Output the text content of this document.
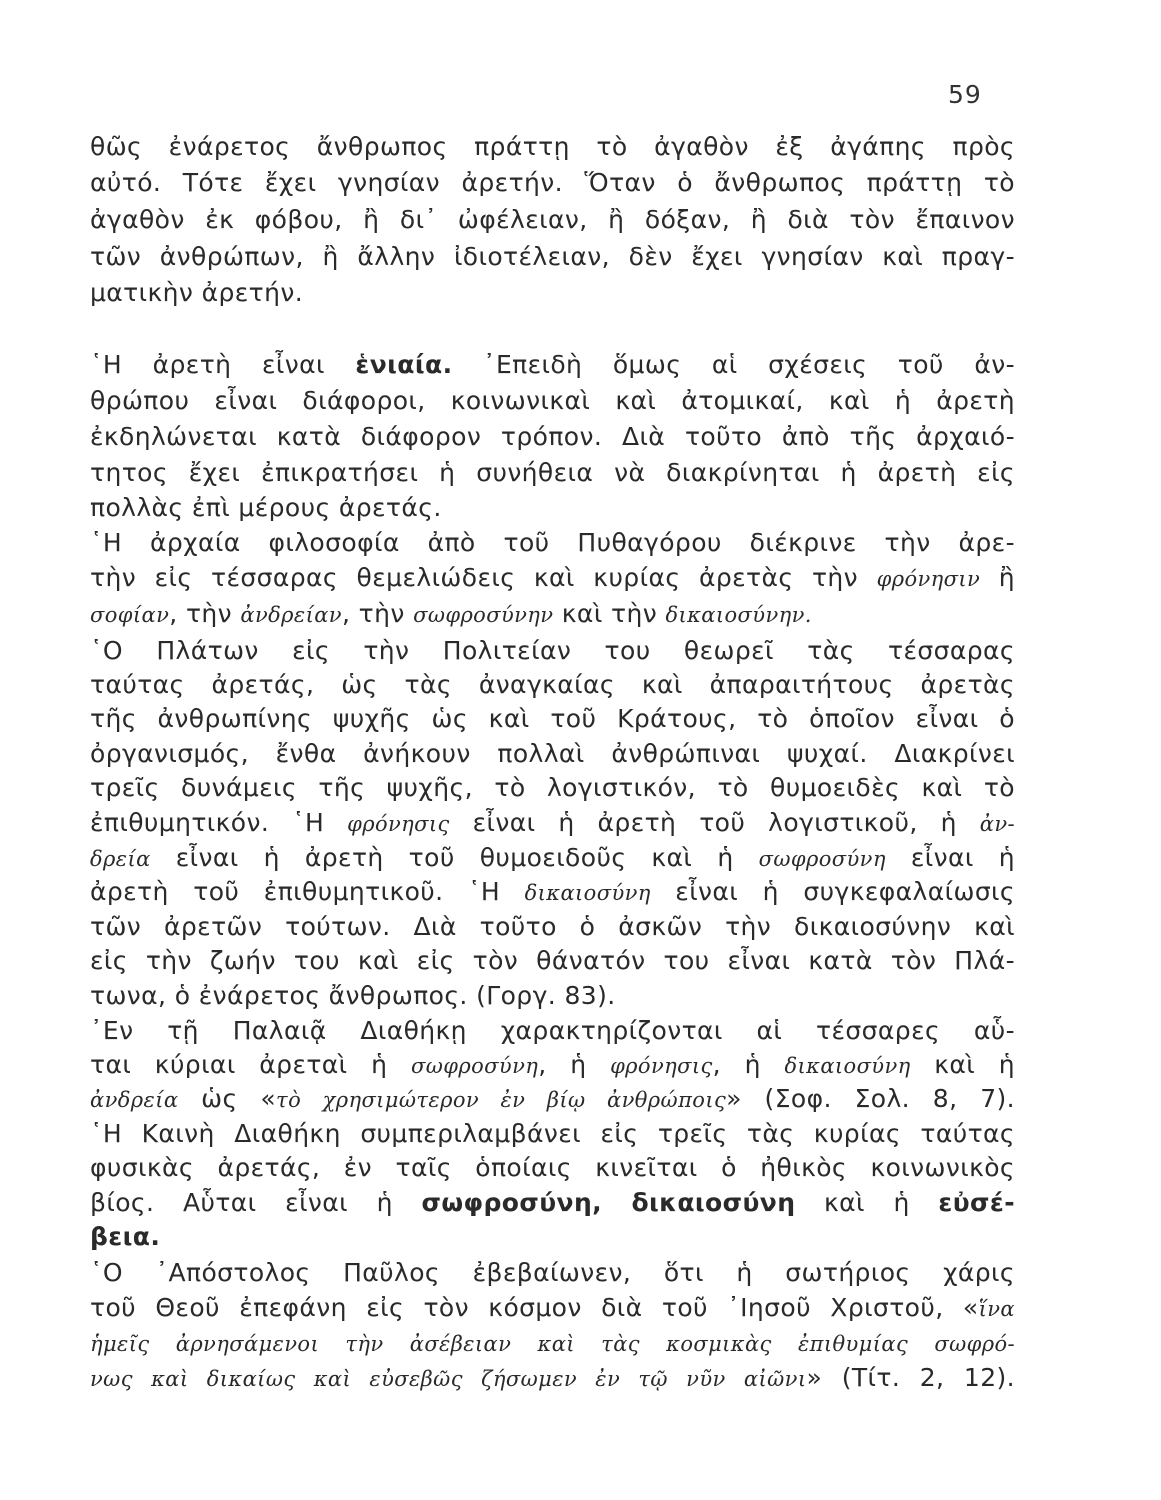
59
θῶς ἐνάρετος ἄνθρωπος πράττῃ τὸ ἀγαθὸν ἐξ ἀγάπης πρὸς
αὐτό. Τότε ἔχει γνησίαν ἀρετήν. Ὅταν ὁ ἄνθρωπος πράττῃ τὸ
ἀγαθὸν ἐκ φόβου, ἢ δι᾽ ὠφέλειαν, ἢ δόξαν, ἢ διὰ τὸν ἔπαινον
τῶν ἀνθρώπων, ἢ ἄλλην ἰδιοτέλειαν, δὲν ἔχει γνησίαν καὶ πραγ-
ματικὴν ἀρετήν.
῾Η ἀρετὴ εἶναι ἑνιαία. ᾿Επειδὴ ὅμως αἱ σχέσεις τοῦ ἀν-
θρώπου εἶναι διάφοροι, κοινωνικαὶ καὶ ἀτομικαί, καὶ ἡ ἀρετὴ
ἐκδηλώνεται κατὰ διάφορον τρόπον. Διὰ τοῦτο ἀπὸ τῆς ἀρχαιό-
τητος ἔχει ἐπικρατήσει ἡ συνήθεια νὰ διακρίνηται ἡ ἀρετὴ εἰς
πολλὰς ἐπὶ μέρους ἀρετάς.
῾Η ἀρχαία φιλοσοφία ἀπὸ τοῦ Πυθαγόρου διέκρινε τὴν ἀρε-
τὴν εἰς τέσσαρας θεμελιώδεις καὶ κυρίας ἀρετὰς τὴν φρόνησιν ἢ
σοφίαν, τὴν ἀνδρείαν, τὴν σωφροσύνην καὶ τὴν δικαιοσύνην.
῾Ο Πλάτων εἰς τὴν Πολιτείαν του θεωρεῖ τὰς τέσσαρας
ταύτας ἀρετάς, ὡς τὰς ἀναγκαίας καὶ ἀπαραιτήτους ἀρετὰς
τῆς ἀνθρωπίνης ψυχῆς ὡς καὶ τοῦ Κράτους, τὸ ὁποῖον εἶναι ὁ
ὀργανισμός, ἔνθα ἀνήκουν πολλαὶ ἀνθρώπιναι ψυχαί. Διακρίνει
τρεῖς δυνάμεις τῆς ψυχῆς, τὸ λογιστικόν, τὸ θυμοειδὲς καὶ τὸ
ἐπιθυμητικόν. ῾Η φρόνησις εἶναι ἡ ἀρετὴ τοῦ λογιστικοῦ, ἡ ἀν-
δρεία εἶναι ἡ ἀρετὴ τοῦ θυμοειδοῦς καὶ ἡ σωφροσύνη εἶναι ἡ
ἀρετὴ τοῦ ἐπιθυμητικοῦ. ῾Η δικαιοσύνη εἶναι ἡ συγκεφαλαίωσις
τῶν ἀρετῶν τούτων. Διὰ τοῦτο ὁ ἀσκῶν τὴν δικαιοσύνην καὶ
εἰς τὴν ζωήν του καὶ εἰς τὸν θάνατόν του εἶναι κατὰ τὸν Πλά-
τωνα, ὁ ἐνάρετος ἄνθρωπος. (Γοργ. 83).
᾿Εν τῇ Παλαιᾷ Διαθήκῃ χαρακτηρίζονται αἱ τέσσαρες αὗ-
ται κύριαι ἀρεταὶ ἡ σωφροσύνη, ἡ φρόνησις, ἡ δικαιοσύνη καὶ ἡ
ἀνδρεία ὡς «τὸ χρησιμώτερον ἐν βίῳ ἀνθρώποις» (Σοφ. Σολ. 8, 7).
῾Η Καινὴ Διαθήκη συμπεριλαμβάνει εἰς τρεῖς τὰς κυρίας ταύτας
φυσικὰς ἀρετάς, ἐν ταῖς ὁποίαις κινεῖται ὁ ἠθικὸς κοινωνικὸς
βίος. Αὗται εἶναι ἡ σωφροσύνη, δικαιοσύνη καὶ ἡ εὐσέ-
βεια.
῾Ο ᾿Απόστολος Παῦλος ἐβεβαίωνεν, ὅτι ἡ σωτήριος χάρις
τοῦ Θεοῦ ἐπεφάνη εἰς τὸν κόσμον διὰ τοῦ ᾿Ιησοῦ Χριστοῦ, «ἵνα
ἡμεῖς ἀρνησάμενοι τὴν ἀσέβειαν καὶ τὰς κοσμικὰς ἐπιθυμίας σωφρό-
νως καὶ δικαίως καὶ εὐσεβῶς ζήσωμεν ἐν τῷ νῦν αἰῶνι» (Τίτ. 2, 12).
